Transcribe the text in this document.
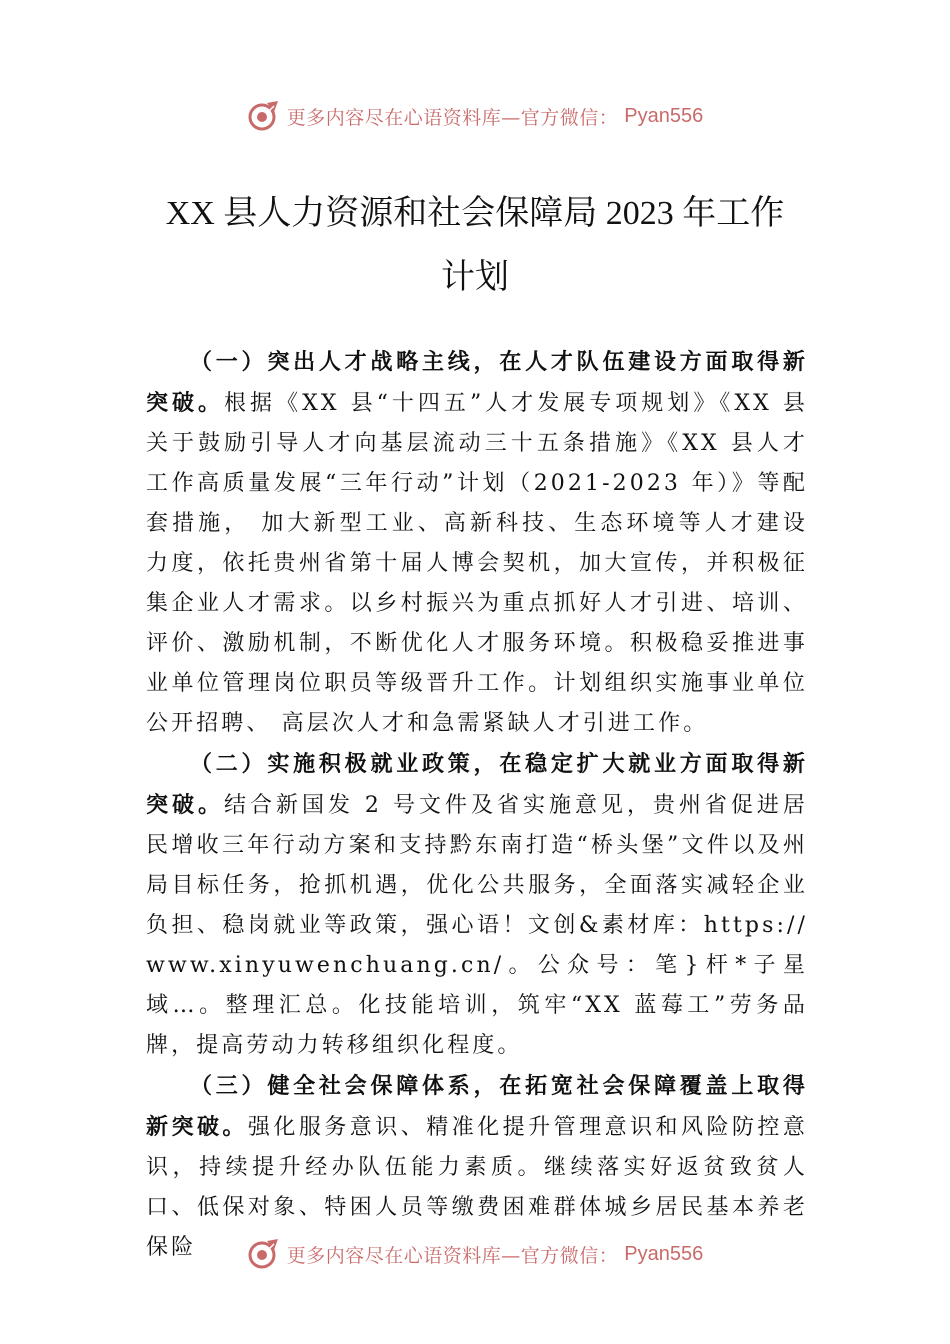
更多内容尽在心语资料库—官方微信： Pyan556
XX 县人力资源和社会保障局 2023 年工作
计划

（一）突出人才战略主线，在人才队伍建设方面取得新突破。根据《XX 县“十四五”人才发展专项规划》《XX 县关于鼓励引导人才向基层流动三十五条措施》《XX 县人才工作高质量发展“三年行动”计划（2021-2023 年）》等配套措施， 加大新型工业、高新科技、生态环境等人才建设力度，依托贵州省第十届人博会契机，加大宣传，并积极征集企业人才需求。以乡村振兴为重点抓好人才引进、培训、评价、激励机制，不断优化人才服务环境。积极稳妥推进事业单位管理岗位职员等级晋升工作。计划组织实施事业单位公开招聘、 高层次人才和急需紧缺人才引进工作。

（二）实施积极就业政策，在稳定扩大就业方面取得新突破。结合新国发 2 号文件及省实施意见，贵州省促进居民增收三年行动方案和支持黔东南打造“桥头堡”文件以及州局目标任务，抢抓机遇，优化公共服务，全面落实减轻企业负担、稳岗就业等政策，强心语！文创&素材库：https://www.xinyuwenchuang.cn/。公众号：笔}杆*子星域…。整理汇总。化技能培训，筑牢“XX 蓝莓工”劳务品牌，提高劳动力转移组织化程度。

（三）健全社会保障体系，在拓宽社会保障覆盖上取得新突破。强化服务意识、精准化提升管理意识和风险防控意识，持续提升经办队伍能力素质。继续落实好返贫致贫人口、低保对象、特困人员等缴费困难群体城乡居民基本养老保险	更多内容尽在心语资料库—官方微信： Pyan556
